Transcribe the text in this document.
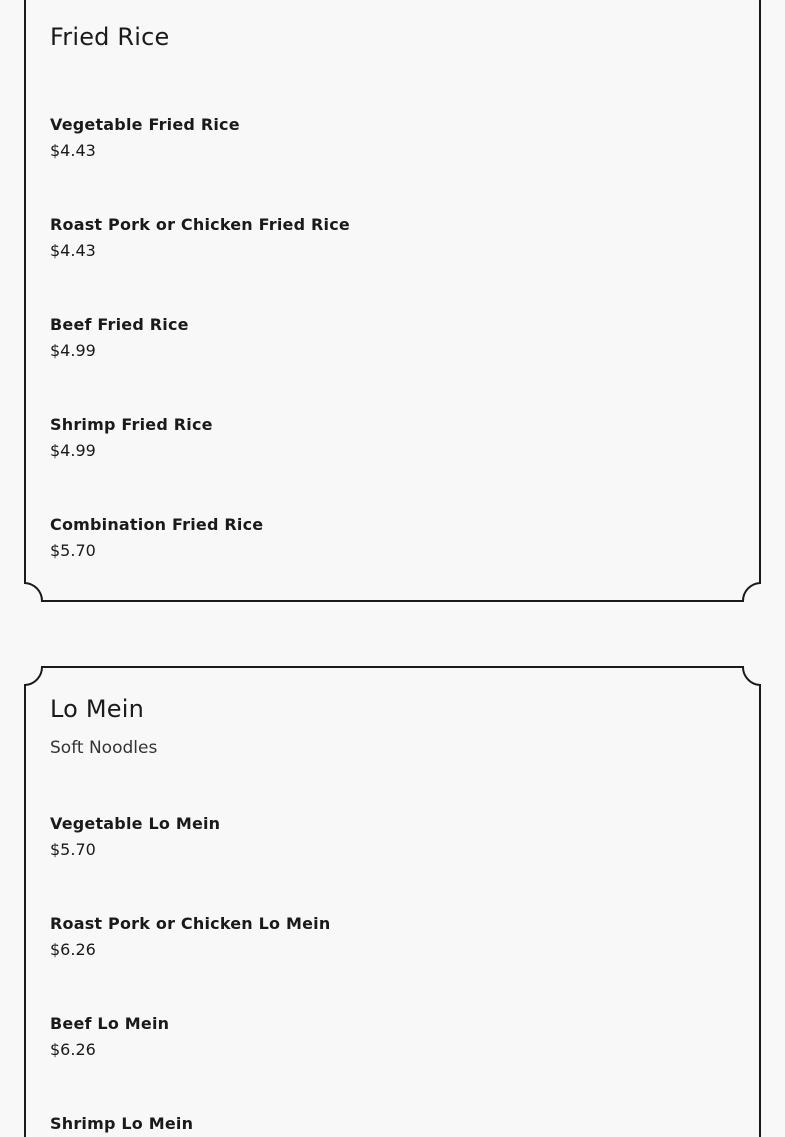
Fried Rice
Vegetable Fried Rice
$4.43
Roast Pork or Chicken Fried Rice
$4.43
Beef Fried Rice
$4.99
Shrimp Fried Rice
$4.99
Combination Fried Rice
$5.70
Lo Mein
Soft Noodles
Vegetable Lo Mein
$5.70
Roast Pork or Chicken Lo Mein
$6.26
Beef Lo Mein
$6.26
Shrimp Lo Mein
